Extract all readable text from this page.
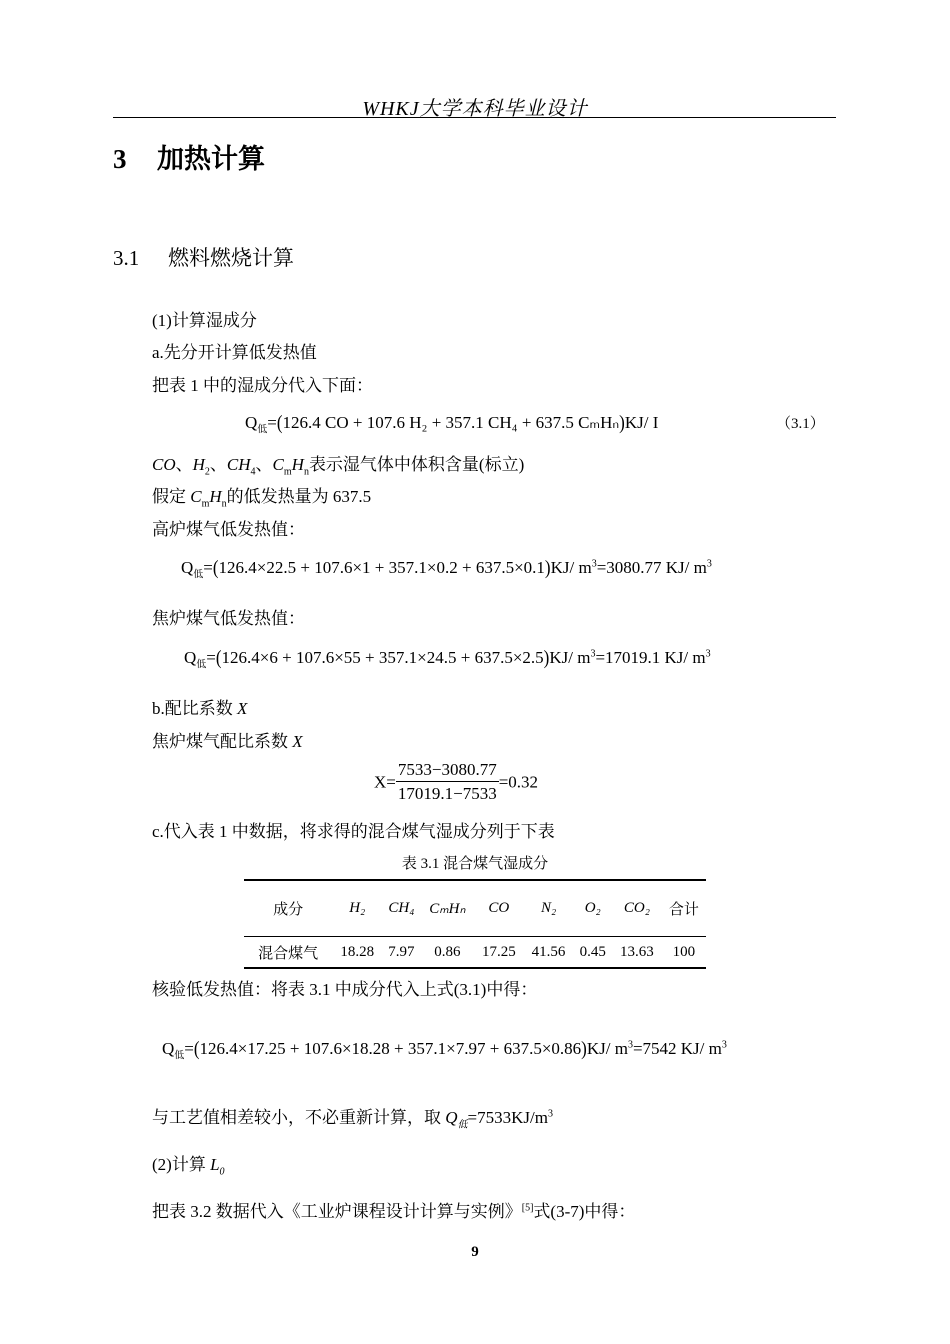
WHKJ大学本科毕业设计
3 加热计算
3.1 燃料燃烧计算
(1)计算湿成分
a.先分开计算低发热值
把表 1 中的湿成分代入下面：
$Q_低=(126.4$ CO + 107.6 H₂ + 357.1 CH₄ + 637.5 CₘHₙ)KJ/ I	（3.1）
CO、$H_2$、$CH_4$、$C_mH_n$表示湿气体中体积含量(标立)
假定 $C_mH_n$的低发热量为 637.5
高炉煤气低发热值：
$Q_低=(126.4\times 22.5 + 107.6\times 1 + 357.1\times 0.2 + 637.5\times 0.1)KJ/$ $m^3=3080.77$ KJ/ $m^3$
焦炉煤气低发热值：
$Q_低=(126.4\times 6 + 107.6\times 55 + 357.1\times 24.5 + 637.5\times 2.5)KJ/$ $m^3=17019.1$ KJ/ $m^3$
b.配比系数 X
焦炉煤气配比系数 X
$X= \frac{7533-3080.77}{17019.1-7533} =0.32$
c.代入表 1 中数据，将求得的混合煤气湿成分列于下表
表 3.1 混合煤气湿成分
成分	H₂	CH₄	CₘHₙ	CO	N₂	O₂	CO₂	合计
混合煤气	18.28	7.97	0.86	17.25	41.56	0.45	13.63	100
核验低发热值：将表 3.1 中成分代入上式(3.1)中得：
$Q_低=(126.4\times 17.25 + 107.6\times 18.28 + 357.1\times 7.97 + 637.5\times 0.86)KJ/$ $m^3=7542$ KJ/ $m^3$
与工艺值相差较小，不必重新计算，取 $Q_低=7533KJ/m^3$
(2)计算 $L_0$
把表 3.2 数据代入《工业炉课程设计计算与实例》[5]式(3-7)中得：
9
